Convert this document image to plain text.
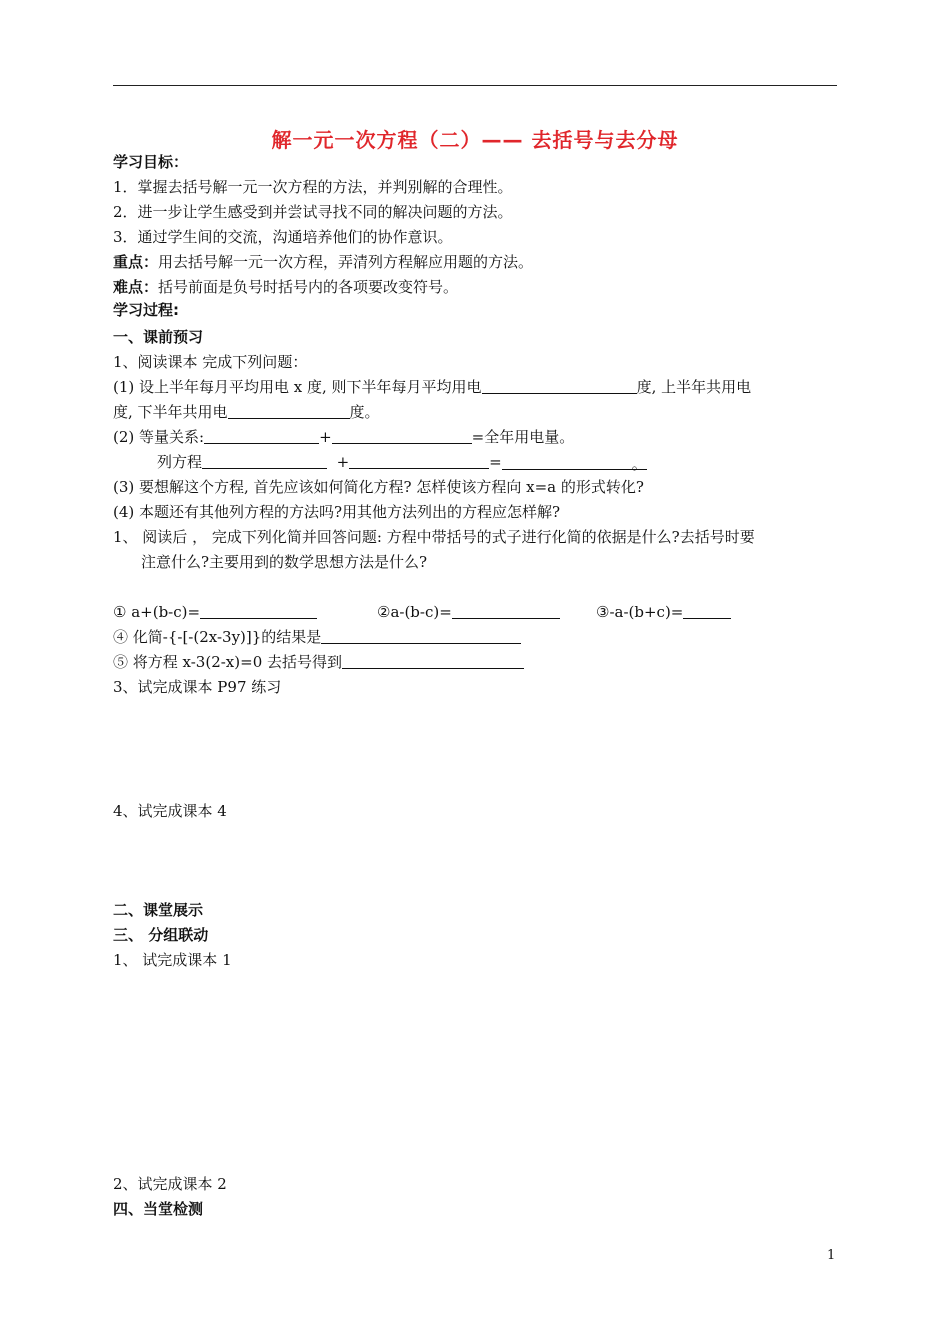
解一元一次方程（二）—— 去括号与去分母
学习目标：
1．掌握去括号解一元一次方程的方法，并判别解的合理性。
2．进一步让学生感受到并尝试寻找不同的解决问题的方法。
3．通过学生间的交流，沟通培养他们的协作意识。
重点：用去括号解一元一次方程，弄清列方程解应用题的方法。
难点：括号前面是负号时括号内的各项要改变符号。
学习过程:
一、课前预习
1、阅读课本 完成下列问题：
(1) 设上半年每月平均用电 x 度, 则下半年每月平均用电	度, 上半年共用电
度, 下半年共用电	度。
(2) 等量关系:	+	=全年用电量。
列方程	+	=	。
(3) 要想解这个方程, 首先应该如何简化方程? 怎样使该方程向 x=a 的形式转化?
(4) 本题还有其他列方程的方法吗?用其他方法列出的方程应怎样解?
1、 阅读后 ， 完成下列化简并回答问题: 方程中带括号的式子进行化简的依据是什么?去括号时要
注意什么?主要用到的数学思想方法是什么?
① a+(b-c)=	②a-(b-c)=	③-a-(b+c)=
④ 化简-{-[-(2x-3y)]}的结果是
⑤ 将方程 x-3(2-x)=0 去括号得到
3、试完成课本 P97 练习
4、试完成课本 4
二、课堂展示
三、 分组联动
1、 试完成课本 1
2、试完成课本 2
四、当堂检测
1
